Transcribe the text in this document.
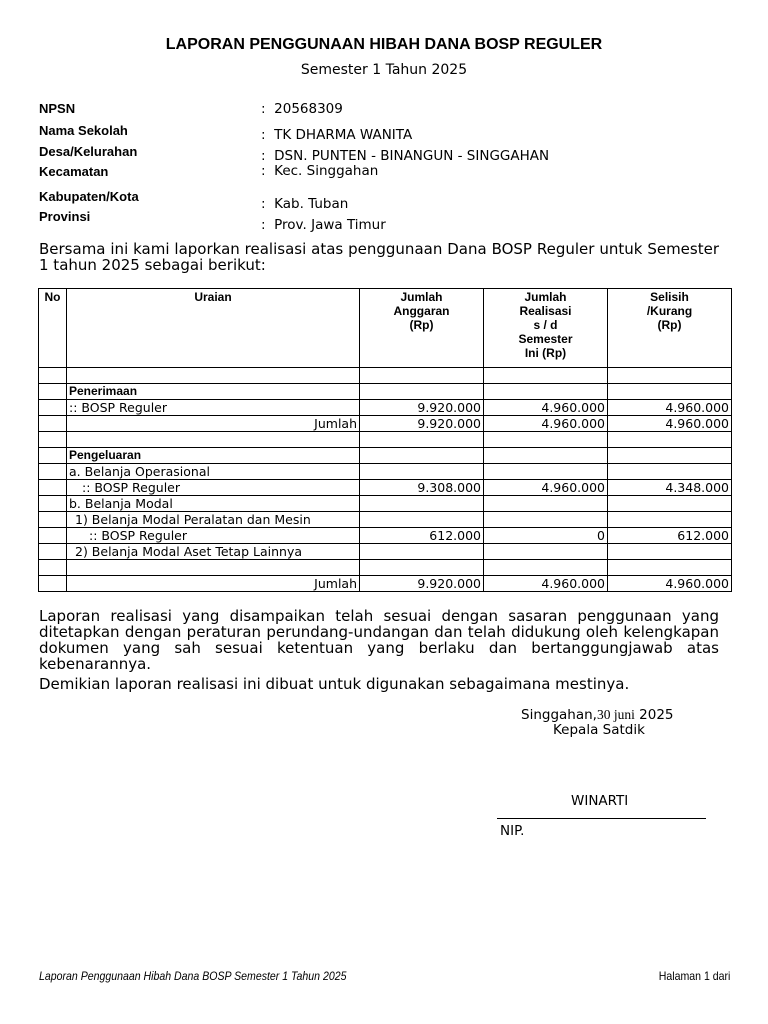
LAPORAN PENGGUNAAN HIBAH DANA BOSP REGULER
Semester 1 Tahun 2025
NPSN	:  20568309
Nama Sekolah	:  TK DHARMA WANITA
Desa/Kelurahan	:  DSN. PUNTEN - BINANGUN - SINGGAHAN
Kecamatan	:  Kec. Singgahan
Kabupaten/Kota	:  Kab. Tuban
Provinsi
:  Prov. Jawa Timur
Bersama ini kami laporkan realisasi atas penggunaan Dana BOSP Reguler untuk Semester 1 tahun 2025 sebagai berikut:
No	Uraian	Jumlah Anggaran (Rp)	Jumlah Realisasi s / d Semester Ini (Rp)	Selisih /Kurang (Rp)

	Penerimaan			
	:: BOSP Reguler	9.920.000	4.960.000	4.960.000
	Jumlah	9.920.000	4.960.000	4.960.000

	Pengeluaran			
	a. Belanja Operasional			
	:: BOSP Reguler	9.308.000	4.960.000	4.348.000
	b. Belanja Modal			
	1) Belanja Modal Peralatan dan Mesin			
	:: BOSP Reguler	612.000	0	612.000
	2) Belanja Modal Aset Tetap Lainnya			

	Jumlah	9.920.000	4.960.000	4.960.000
Laporan realisasi yang disampaikan telah sesuai dengan sasaran penggunaan yang ditetapkan dengan peraturan perundang-undangan dan telah didukung oleh kelengkapan dokumen yang sah sesuai ketentuan yang berlaku dan bertanggungjawab atas kebenarannya.
Demikian laporan realisasi ini dibuat untuk digunakan sebagaimana mestinya.
Singgahan,30 juni 2025
Kepala Satdik
WINARTI
NIP.
Laporan Penggunaan Hibah Dana BOSP Semester 1 Tahun 2025	Halaman 1 dari
